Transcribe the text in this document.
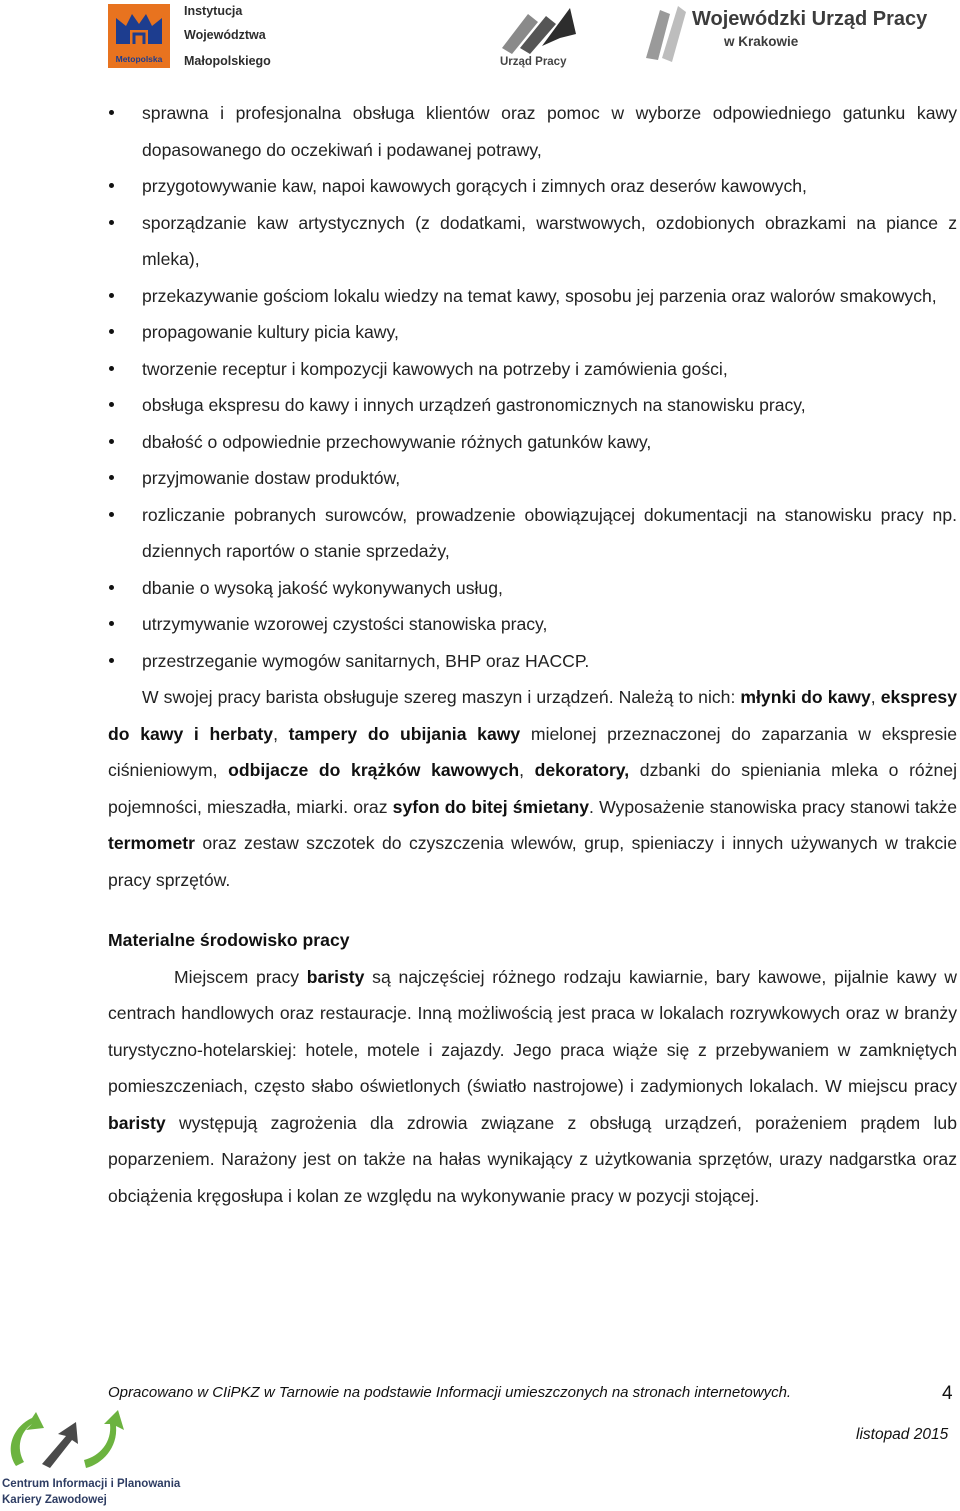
Metopolska
Instytucja
Województwa
Małopolskiego	Urząd Pracy
Wojewódzki Urząd Pracy
w Krakowie
sprawna i profesjonalna obsługa klientów oraz pomoc w wyborze odpowiedniego gatunku kawy dopasowanego do oczekiwań i podawanej potrawy,
przygotowywanie kaw, napoi kawowych gorących i zimnych oraz deserów kawowych,
sporządzanie kaw artystycznych (z dodatkami, warstwowych, ozdobionych obrazkami na piance z mleka),
przekazywanie gościom lokalu wiedzy na temat kawy, sposobu jej parzenia oraz walorów smakowych,
propagowanie kultury picia kawy,
tworzenie receptur i kompozycji kawowych na potrzeby i zamówienia gości,
obsługa ekspresu do kawy i innych urządzeń gastronomicznych na stanowisku pracy,
dbałość o odpowiednie przechowywanie różnych gatunków kawy,
przyjmowanie dostaw produktów,
rozliczanie pobranych surowców, prowadzenie obowiązującej dokumentacji na stanowisku pracy np. dziennych raportów o stanie sprzedaży,
dbanie o wysoką jakość wykonywanych usług,
utrzymywanie wzorowej czystości stanowiska pracy,
przestrzeganie wymogów sanitarnych, BHP oraz HACCP.

W swojej pracy barista obsługuje szereg maszyn i urządzeń. Należą to nich: młynki do kawy, ekspresy do kawy i herbaty, tampery do ubijania kawy mielonej przeznaczonej do zaparzania w ekspresie ciśnieniowym, odbijacze do krążków kawowych, dekoratory, dzbanki do spieniania mleka o różnej pojemności, mieszadła, miarki. oraz syfon do bitej śmietany. Wyposażenie stanowiska pracy stanowi także termometr oraz zestaw szczotek do czyszczenia wlewów, grup, spieniaczy i innych używanych w trakcie pracy sprzętów.

Materialne środowisko pracy

Miejscem pracy baristy są najczęściej różnego rodzaju kawiarnie, bary kawowe, pijalnie kawy w centrach handlowych oraz restauracje. Inną możliwością jest praca w lokalach rozrywkowych oraz w branży turystyczno-hotelarskiej: hotele, motele i zajazdy. Jego praca wiąże się z przebywaniem w zamkniętych pomieszczeniach, często słabo oświetlonych (światło nastrojowe) i zadymionych lokalach. W miejscu pracy baristy występują zagrożenia dla zdrowia związane z obsługą urządzeń, porażeniem prądem lub poparzeniem. Narażony jest on także na hałas wynikający z użytkowania sprzętów, urazy nadgarstka oraz obciążenia kręgosłupa i kolan ze względu na wykonywanie pracy w pozycji stojącej.

Opracowano w CIiPKZ w Tarnowie na podstawie Informacji umieszczonych na stronach internetowych.	4
listopad 2015
Centrum Informacji i Planowania
Kariery Zawodowej
